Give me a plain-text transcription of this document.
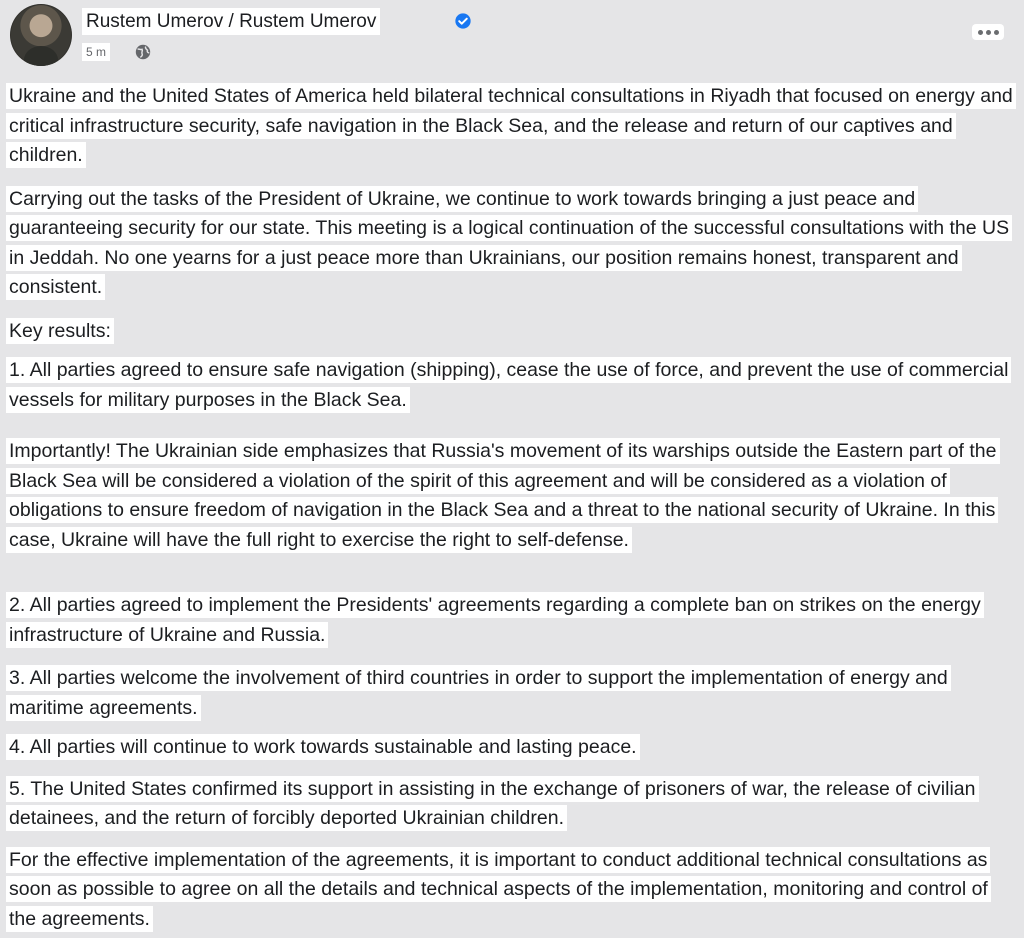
Rustem Umerov / Rustem Umerov
5 m

Ukraine and the United States of America held bilateral technical consultations in Riyadh that focused on energy and critical infrastructure security, safe navigation in the Black Sea, and the release and return of our captives and children.

Carrying out the tasks of the President of Ukraine, we continue to work towards bringing a just peace and guaranteeing security for our state. This meeting is a logical continuation of the successful consultations with the US in Jeddah. No one yearns for a just peace more than Ukrainians, our position remains honest, transparent and consistent.

Key results:

1. All parties agreed to ensure safe navigation (shipping), cease the use of force, and prevent the use of commercial vessels for military purposes in the Black Sea.

Importantly! The Ukrainian side emphasizes that Russia's movement of its warships outside the Eastern part of the Black Sea will be considered a violation of the spirit of this agreement and will be considered as a violation of obligations to ensure freedom of navigation in the Black Sea and a threat to the national security of Ukraine. In this case, Ukraine will have the full right to exercise the right to self-defense.

2. All parties agreed to implement the Presidents' agreements regarding a complete ban on strikes on the energy infrastructure of Ukraine and Russia.

3. All parties welcome the involvement of third countries in order to support the implementation of energy and maritime agreements.

4. All parties will continue to work towards sustainable and lasting peace.

5. The United States confirmed its support in assisting in the exchange of prisoners of war, the release of civilian detainees, and the return of forcibly deported Ukrainian children.

For the effective implementation of the agreements, it is important to conduct additional technical consultations as soon as possible to agree on all the details and technical aspects of the implementation, monitoring and control of the agreements.
